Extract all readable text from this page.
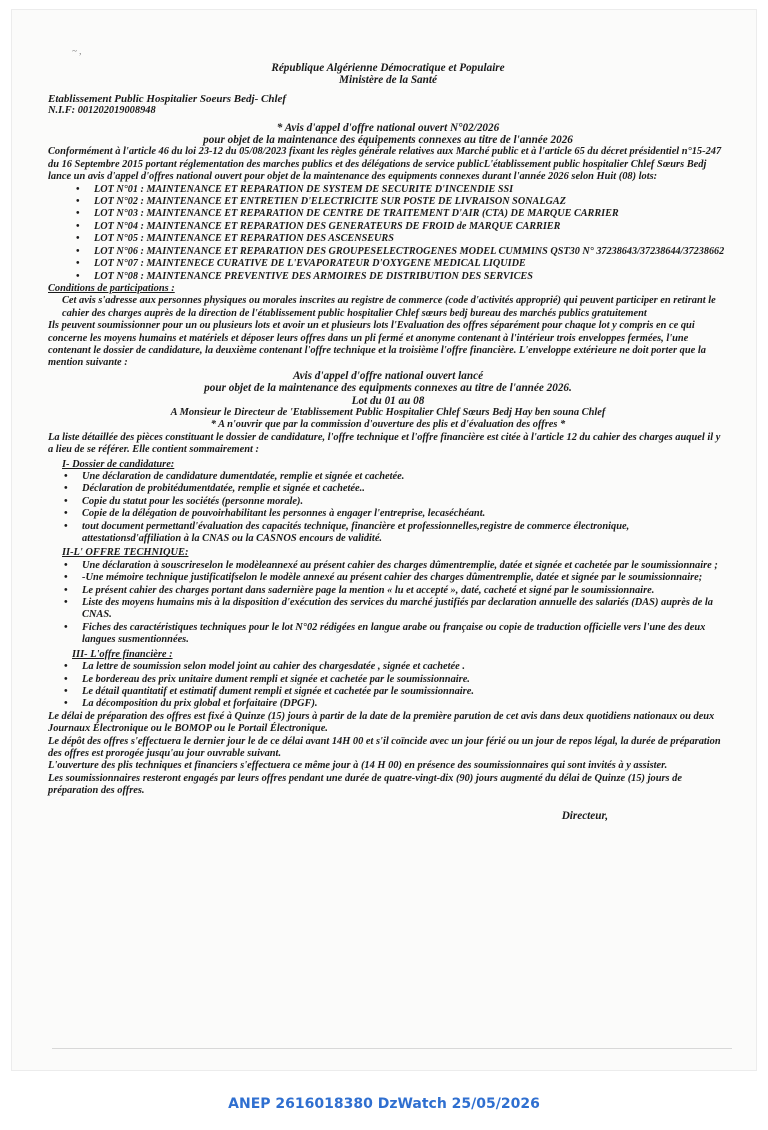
~ ,

République Algérienne Démocratique et Populaire

Ministère de la Santé

Etablissement Public Hospitalier Soeurs Bedj- Chlef

N.I.F: 001202019008948

* Avis d'appel d'offre national ouvert N°02/2026

pour objet de la maintenance des équipements connexes au titre de l'année 2026

Conformément à l'article 46 du loi 23-12 du 05/08/2023 fixant les règles générale relatives aux Marché public et à l'article 65 du décret présidentiel n°15-247 du 16 Septembre 2015 portant réglementation des marches publics et des délégations de service publicL'établissement public hospitalier Chlef Sœurs Bedj lance un avis d'appel d'offres national ouvert pour objet de la maintenance des equipments connexes durant l'année 2026 selon Huit (08) lots:

• LOT N°01 : MAINTENANCE ET REPARATION DE SYSTEM DE SECURITE D'INCENDIE SSI
• LOT N°02 : MAINTENANCE ET ENTRETIEN D'ELECTRICITE SUR POSTE DE LIVRAISON SONALGAZ
• LOT N°03 : MAINTENANCE ET REPARATION DE CENTRE DE TRAITEMENT D'AIR (CTA) DE MARQUE CARRIER
• LOT N°04 : MAINTENANCE ET REPARATION DES GENERATEURS DE FROID de MARQUE CARRIER
• LOT N°05 : MAINTENANCE ET REPARATION DES ASCENSEURS
• LOT N°06 : MAINTENANCE ET REPARATION DES GROUPESELECTROGENES MODEL CUMMINS QST30 N° 37238643/37238644/37238662
• LOT N°07 : MAINTENECE CURATIVE DE L'EVAPORATEUR D'OXYGENE MEDICAL LIQUIDE
• LOT N°08 : MAINTENANCE PREVENTIVE DES ARMOIRES DE DISTRIBUTION DES SERVICES

Conditions de participations :

Cet avis s'adresse aux personnes physiques ou morales inscrites au registre de commerce (code d'activités approprié) qui peuvent participer en retirant le cahier des charges auprès de la direction de l'établissement public hospitalier Chlef sœurs bedj bureau des marchés publics gratuitement

Ils peuvent soumissionner pour un ou plusieurs lots et avoir un et plusieurs lots l'Evaluation des offres séparément pour chaque lot y compris en ce qui concerne les moyens humains et matériels et déposer leurs offres dans un pli fermé et anonyme contenant à l'intérieur trois enveloppes fermées, l'une contenant le dossier de candidature, la deuxième contenant l'offre technique et la troisième l'offre financière. L'enveloppe extérieure ne doit porter que la mention suivante :

Avis d'appel d'offre national ouvert lancé

pour objet de la maintenance des equipments connexes au titre de l'année 2026.

Lot du 01 au 08

A Monsieur le Directeur de 'Etablissement Public Hospitalier Chlef Sœurs Bedj Hay ben souna Chlef

* A n'ouvrir que par la commission d'ouverture des plis et d'évaluation des offres *

La liste détaillée des pièces constituant le dossier de candidature, l'offre technique et l'offre financière est citée à l'article 12 du cahier des charges auquel il y a lieu de se référer. Elle contient sommairement :

I- Dossier de candidature:

• Une déclaration de candidature dumentdatée, remplie et signée et cachetée.
• Déclaration de probitédumentdatée, remplie et signée et cachetée..
• Copie du statut pour les sociétés (personne morale).
• Copie de la délégation de pouvoirhabilitant les personnes à engager l'entreprise, lecaséchéant.
• tout document permettantl'évaluation des capacités technique, financière et professionnelles,registre de commerce électronique, attestationsd'affiliation à la CNAS ou la CASNOS encours de validité.

II-L' OFFRE TECHNIQUE:

• Une déclaration à souscrireselon le modèleannexé au présent cahier des charges dûmentremplie, datée et signée et cachetée par le soumissionnaire ;
• -Une mémoire technique justificatifselon le modèle annexé au présent cahier des charges dûmentremplie, datée et signée par le soumissionnaire;
• Le présent cahier des charges portant dans sadernière page la mention « lu et accepté », daté, cacheté et signé par le soumissionnaire.
• Liste des moyens humains mis à la disposition d'exécution des services du marché justifiés par declaration annuelle des salariés (DAS) auprès de la CNAS.
• Fiches des caractéristiques techniques pour le lot N°02 rédigées en langue arabe ou française ou copie de traduction officielle vers l'une des deux langues susmentionnées.

III- L'offre financière :

• La lettre de soumission selon model joint au cahier des chargesdatée , signée et cachetée .
• Le bordereau des prix unitaire dument rempli et signée et cachetée par le soumissionnaire.
• Le détail quantitatif et estimatif dument rempli et signée et cachetée par le soumissionnaire.
• La décomposition du prix global et forfaitaire (DPGF).

Le délai de préparation des offres est fixé à Quinze (15) jours à partir de la date de la première parution de cet avis dans deux quotidiens nationaux ou deux Journaux Électronique ou le BOMOP ou le Portail Électronique.

Le dépôt des offres s'effectuera le dernier jour le de ce délai avant 14H 00 et s'il coïncide avec un jour férié ou un jour de repos légal, la durée de préparation des offres est prorogée jusqu'au jour ouvrable suivant.

L'ouverture des plis techniques et financiers s'effectuera ce même jour à (14 H 00) en présence des soumissionnaires qui sont invités à y assister.

Les soumissionnaires resteront engagés par leurs offres pendant une durée de quatre-vingt-dix (90) jours augmenté du délai de Quinze (15) jours de préparation des offres.

Directeur,

ANEP 2616018380 DzWatch 25/05/2026
